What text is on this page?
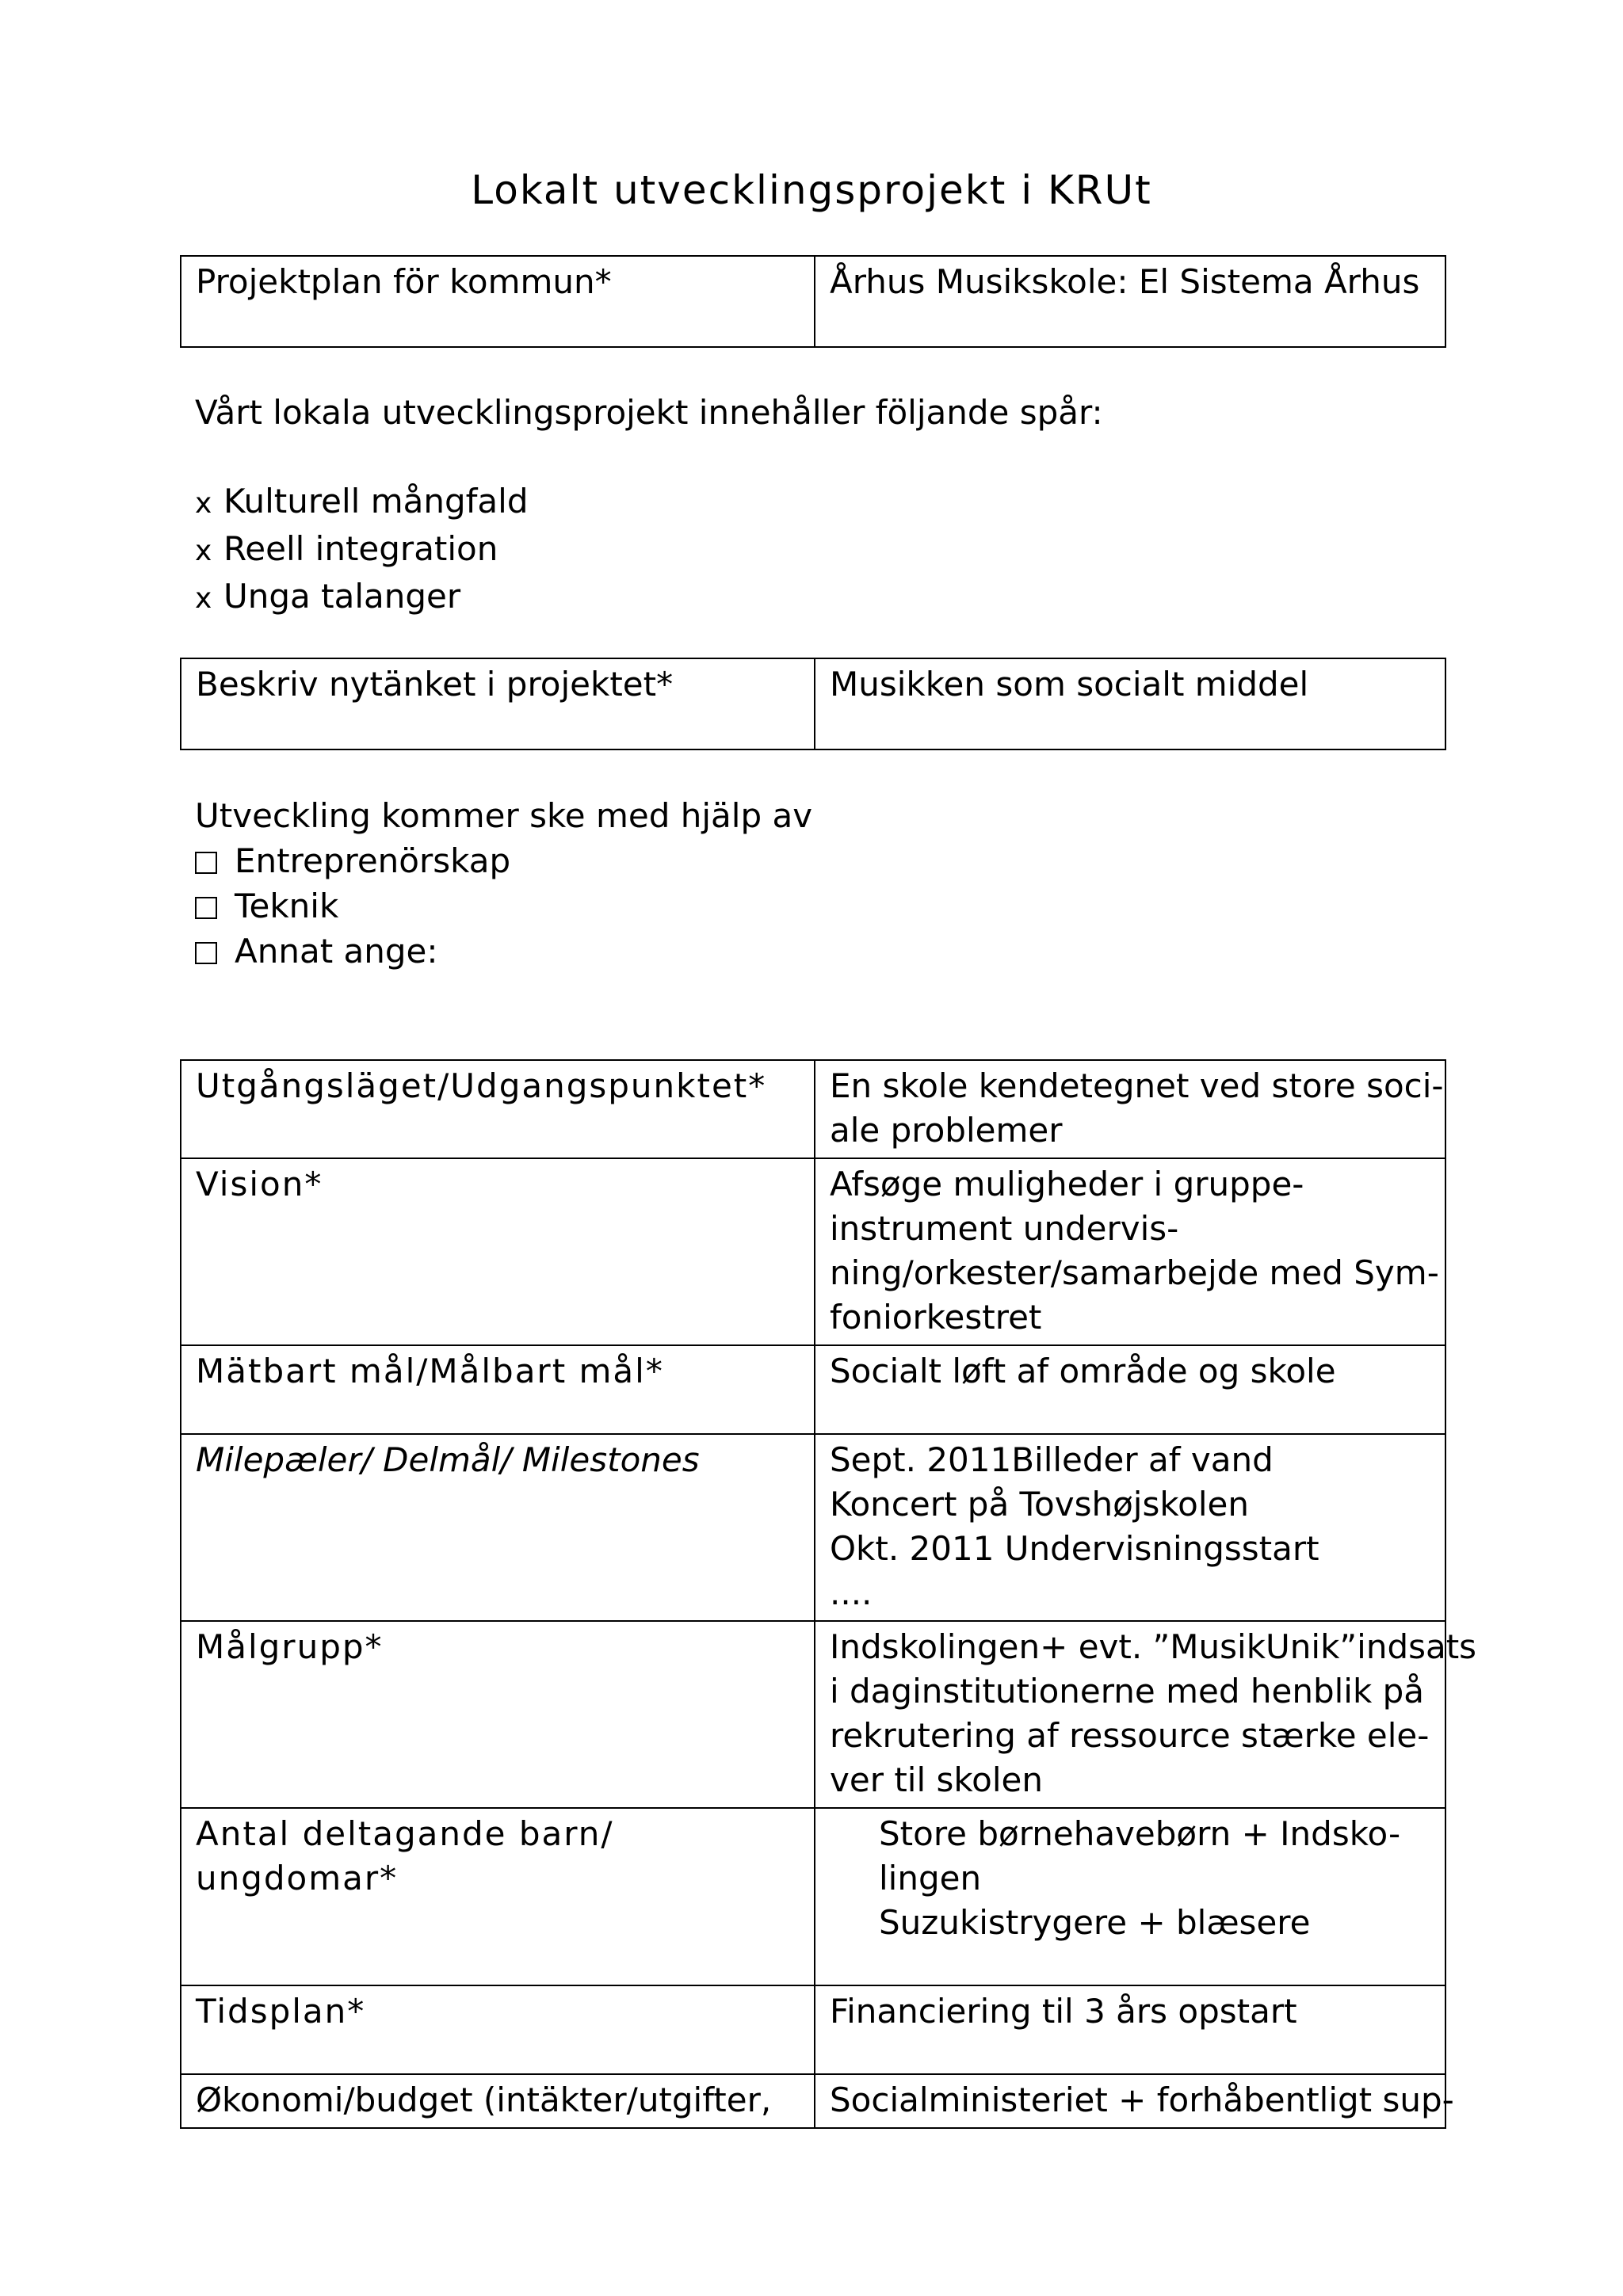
Lokalt utvecklingsprojekt i KRUt
Projektplan för kommun*	Århus Musikskole: El Sistema Århus
Vårt lokala utvecklingsprojekt innehåller följande spår:
x Kulturell mångfald
x Reell integration
x Unga talanger
Beskriv nytänket i projektet*	Musikken som socialt middel
Utveckling kommer ske med hjälp av
Entreprenörskap
Teknik
Annat ange:
Utgångsläget/Udgangspunktet*	En skole kendetegnet ved store soci-
ale problemer

Vision*	Afsøge muligheder i gruppe-
instrument undervis-
ning/orkester/samarbejde med Sym-
foniorkestret

Mätbart mål/Målbart mål*	Socialt løft af område og skole

Milepæler/ Delmål/ Milestones	Sept. 2011Billeder af vand
Koncert på Tovshøjskolen
Okt. 2011 Undervisningsstart
....

Målgrupp*	Indskolingen+ evt. ”MusikUnik”indsats
i daginstitutionerne med henblik på
rekrutering af ressource stærke ele-
ver til skolen

Antal deltagande barn/
ungdomar*	Store børnehavebørn + Indsko-
lingen
Suzukistrygere + blæsere

Tidsplan*	Financiering til 3 års opstart

Økonomi/budget (intäkter/utgifter,	Socialministeriet + forhåbentligt sup-
